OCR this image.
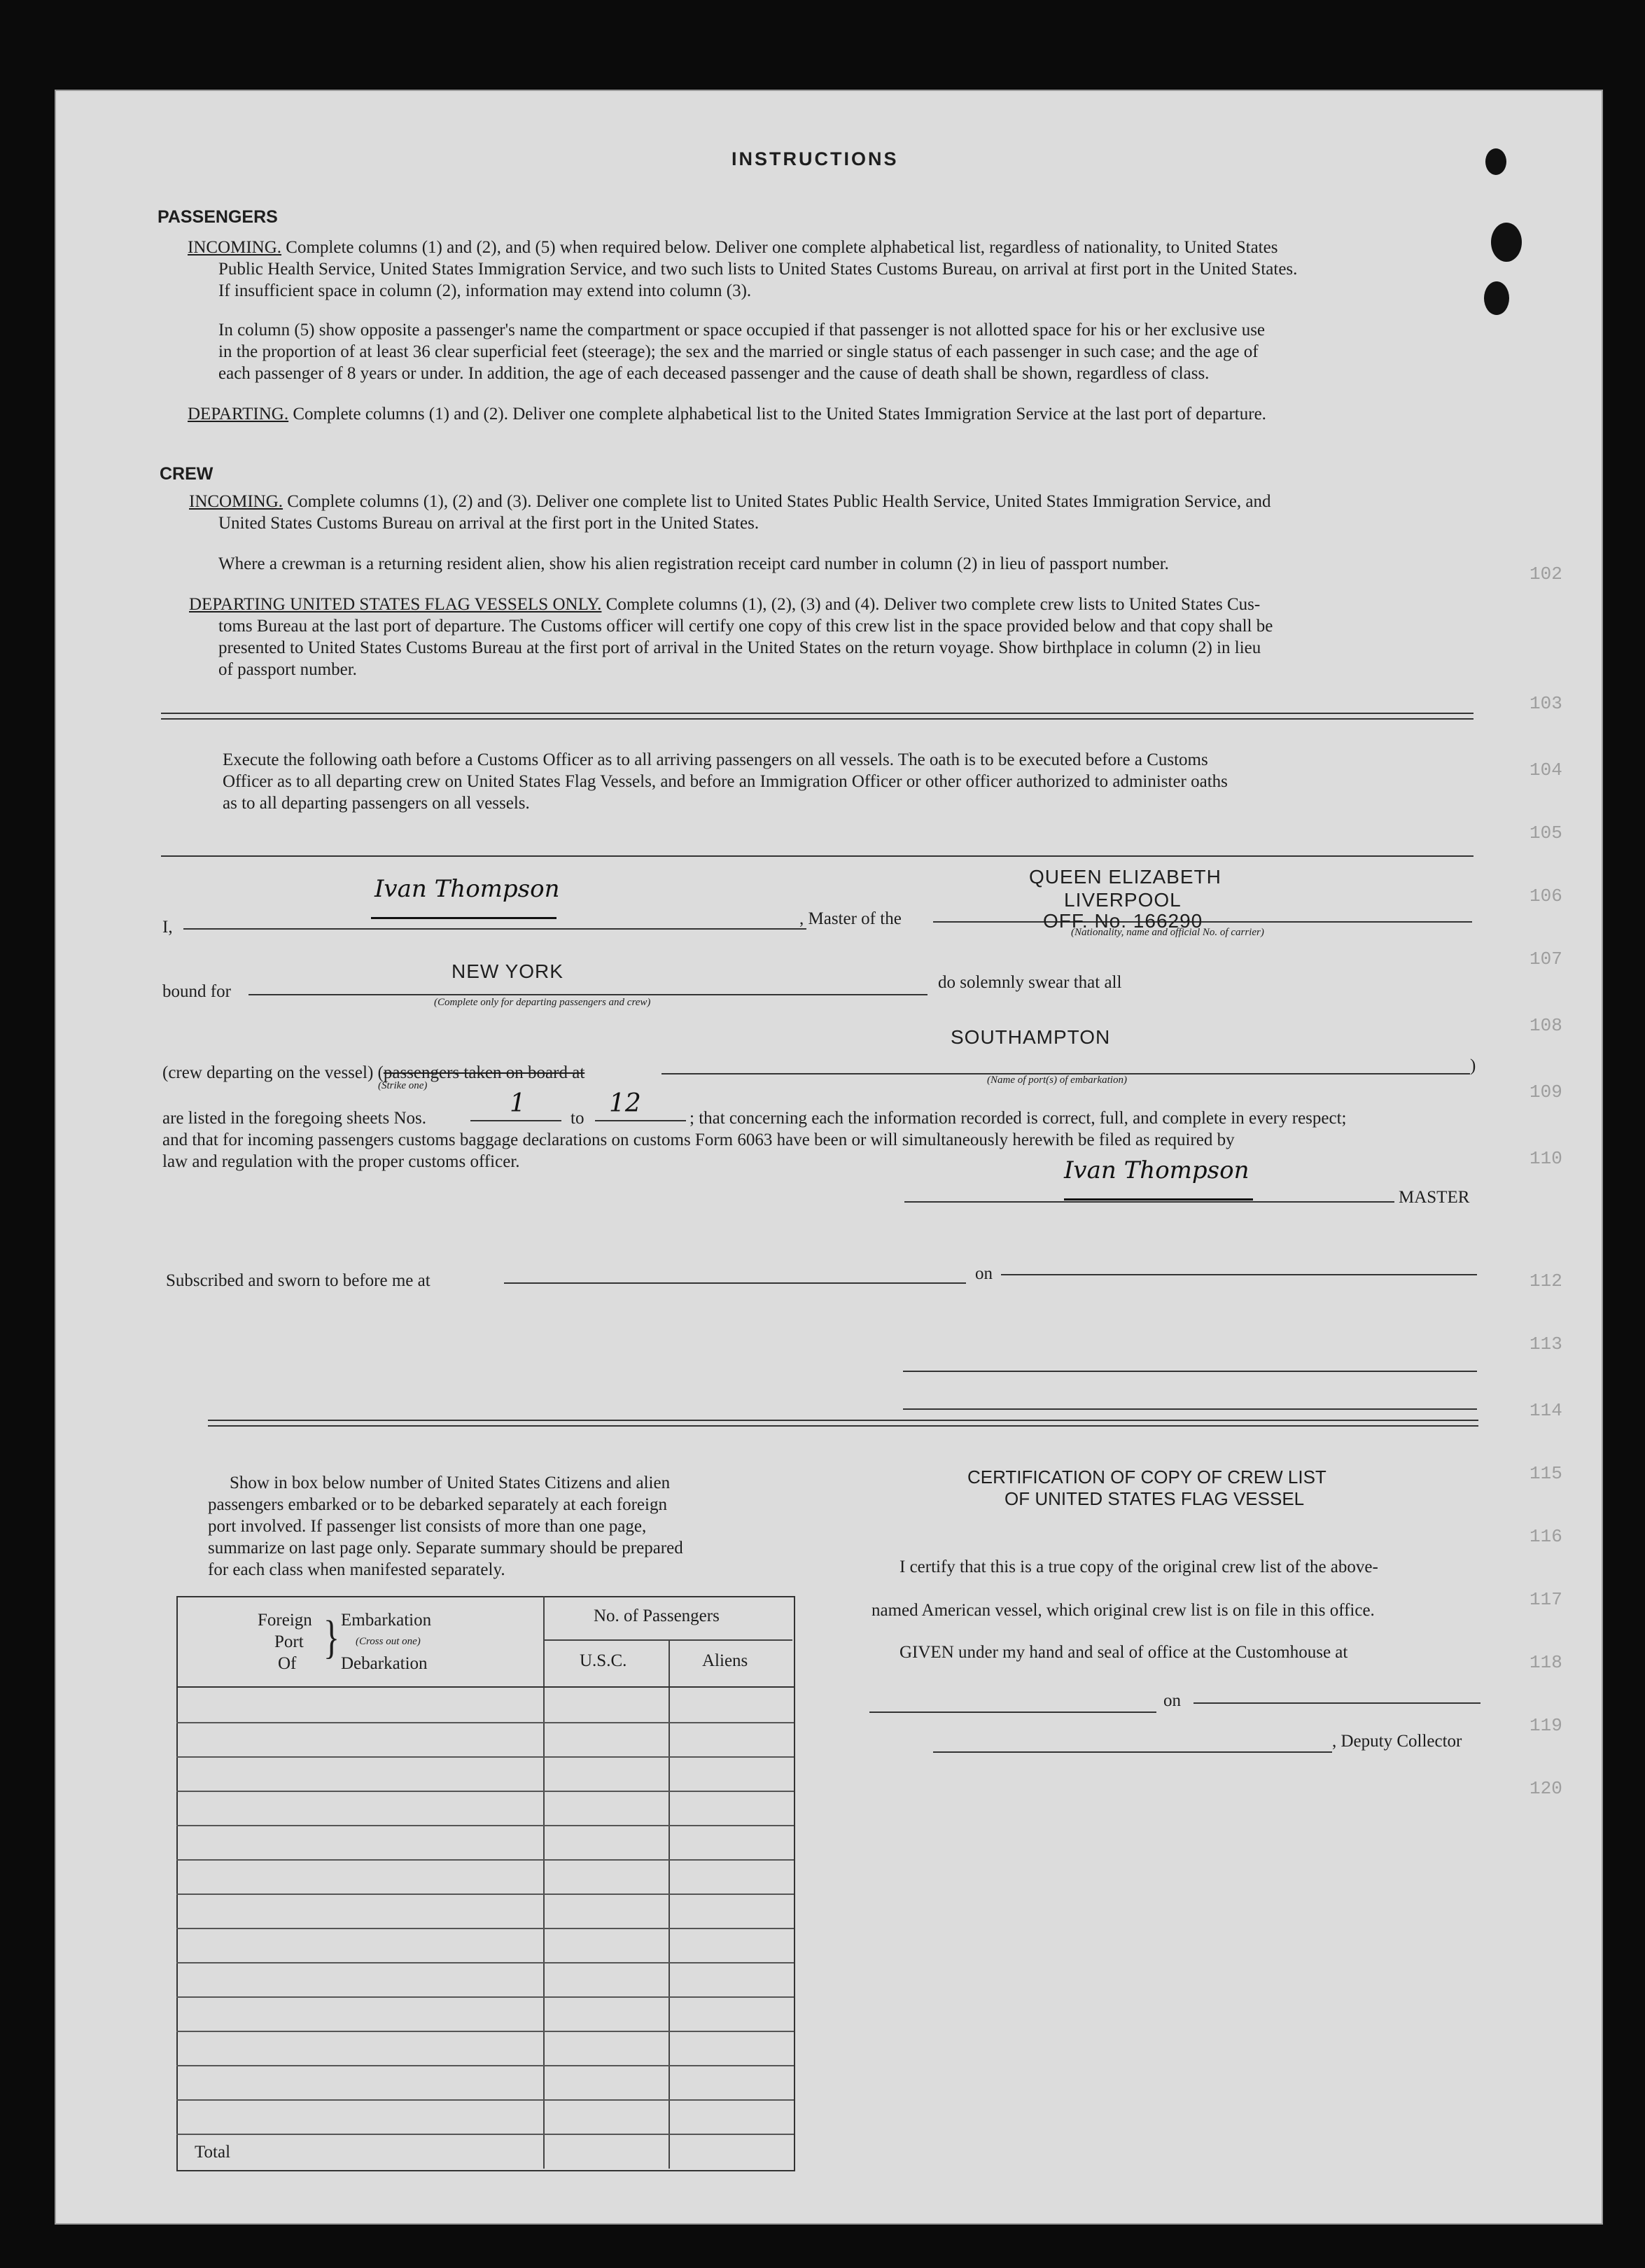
102
103
104
105
106
107
108
109
110
112
113
114
115
116
117
118
119
120
INSTRUCTIONS
PASSENGERS
INCOMING. Complete columns (1) and (2), and (5) when required below. Deliver one complete alphabetical list, regardless of nationality, to United States
Public Health Service, United States Immigration Service, and two such lists to United States Customs Bureau, on arrival at first port in the United States.
If insufficient space in column (2), information may extend into column (3).
In column (5) show opposite a passenger's name the compartment or space occupied if that passenger is not allotted space for his or her exclusive use
in the proportion of at least 36 clear superficial feet (steerage); the sex and the married or single status of each passenger in such case; and the age of
each passenger of 8 years or under. In addition, the age of each deceased passenger and the cause of death shall be shown, regardless of class.
DEPARTING. Complete columns (1) and (2). Deliver one complete alphabetical list to the United States Immigration Service at the last port of departure.
CREW
INCOMING. Complete columns (1), (2) and (3). Deliver one complete list to United States Public Health Service, United States Immigration Service, and
United States Customs Bureau on arrival at the first port in the United States.
Where a crewman is a returning resident alien, show his alien registration receipt card number in column (2) in lieu of passport number.
DEPARTING UNITED STATES FLAG VESSELS ONLY. Complete columns (1), (2), (3) and (4). Deliver two complete crew lists to United States Cus-
toms Bureau at the last port of departure. The Customs officer will certify one copy of this crew list in the space provided below and that copy shall be
presented to United States Customs Bureau at the first port of arrival in the United States on the return voyage. Show birthplace in column (2) in lieu
of passport number.
Execute the following oath before a Customs Officer as to all arriving passengers on all vessels. The oath is to be executed before a Customs
Officer as to all departing crew on United States Flag Vessels, and before an Immigration Officer or other officer authorized to administer oaths
as to all departing passengers on all vessels.
I,
Ivan Thompson
, Master of the
QUEEN ELIZABETH
LIVERPOOL
OFF. No. 166290
(Nationality, name and official No. of carrier)
bound for
NEW YORK
(Complete only for departing passengers and crew)
do solemnly swear that all
(crew departing on the vessel) (passengers taken on board at
(Strike one)
)
SOUTHAMPTON
(Name of port(s) of embarkation)
are listed in the foregoing sheets Nos.
1
to
12
; that concerning each the information recorded is correct, full, and complete in every respect;
and that for incoming passengers customs baggage declarations on customs Form 6063 have been or will simultaneously herewith be filed as required by
law and regulation with the proper customs officer.	Ivan Thompson
MASTER
Subscribed and sworn to before me at	on
Show in box below number of United States Citizens and alien
passengers embarked or to be debarked separately at each foreign
port involved. If passenger list consists of more than one page,
summarize on last page only. Separate summary should be prepared
for each class when manifested separately.
Foreign
Port
Of
} Embarkation
(Cross out one)
Debarkation
No. of Passengers
U.S.C.	Aliens
Total
CERTIFICATION OF COPY OF CREW LIST
OF UNITED STATES FLAG VESSEL
I certify that this is a true copy of the original crew list of the above-
named American vessel, which original crew list is on file in this office.
GIVEN under my hand and seal of office at the Customhouse at
on
, Deputy Collector
